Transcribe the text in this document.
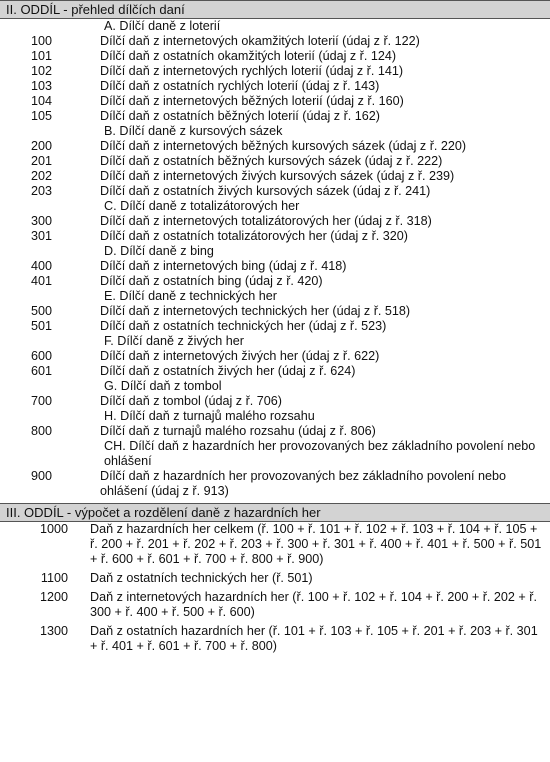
II. ODDÍL - přehled dílčích daní
A. Dílčí daně z loterií
100	Dílčí daň z internetových okamžitých loterií (údaj z ř. 122)
101	Dílčí daň z ostatních okamžitých loterií (údaj z ř. 124)
102	Dílčí daň z internetových rychlých loterií (údaj z ř. 141)
103	Dílčí daň z ostatních rychlých loterií (údaj z ř. 143)
104	Dílčí daň z internetových běžných loterií (údaj z ř. 160)
105	Dílčí daň z ostatních běžných loterií (údaj z ř. 162)
B. Dílčí daně z kursových sázek
200	Dílčí daň z internetových běžných kursových sázek (údaj z ř. 220)
201	Dílčí daň z ostatních běžných kursových sázek (údaj z ř. 222)
202	Dílčí daň z internetových živých kursových sázek (údaj z ř. 239)
203	Dílčí daň z ostatních živých kursových sázek (údaj z ř. 241)
C. Dílčí daně z totalizátorových her
300	Dílčí daň z internetových totalizátorových her (údaj z ř. 318)
301	Dílčí daň z ostatních totalizátorových her (údaj z ř. 320)
D. Dílčí daně z bing
400	Dílčí daň z internetových bing (údaj z ř. 418)
401	Dílčí daň z ostatních bing (údaj z ř. 420)
E. Dílčí daně z technických her
500	Dílčí daň z internetových technických her (údaj z ř. 518)
501	Dílčí daň z ostatních technických her (údaj z ř. 523)
F. Dílčí daně z živých her
600	Dílčí daň z internetových živých her (údaj z ř. 622)
601	Dílčí daň z ostatních živých her (údaj z ř. 624)
G. Dílčí daň z tombol
700	Dílčí daň z tombol (údaj z ř. 706)
H. Dílčí daň z turnajů malého rozsahu
800	Dílčí daň z turnajů malého rozsahu (údaj z ř. 806)
CH. Dílčí daň z hazardních her provozovaných bez základního povolení nebo ohlášení
900	Dílčí daň z hazardních her provozovaných bez základního povolení nebo ohlášení (údaj z ř. 913)
III. ODDÍL - výpočet a rozdělení daně z hazardních her
1000	Daň z hazardních her celkem (ř. 100 + ř. 101 + ř. 102 + ř. 103 + ř. 104 + ř. 105 + ř. 200 + ř. 201 + ř. 202 + ř. 203 + ř. 300 + ř. 301 + ř. 400 + ř. 401 + ř. 500 + ř. 501 + ř. 600 + ř. 601 + ř. 700 + ř. 800 + ř. 900)
1100	Daň z ostatních technických her (ř. 501)
1200	Daň z internetových hazardních her (ř. 100 + ř. 102 + ř. 104 + ř. 200 + ř. 202 + ř. 300 + ř. 400 + ř. 500 + ř. 600)
1300	Daň z ostatních hazardních her (ř. 101 + ř. 103 + ř. 105 + ř. 201 + ř. 203 + ř. 301 + ř. 401 + ř. 601 + ř. 700 + ř. 800)
